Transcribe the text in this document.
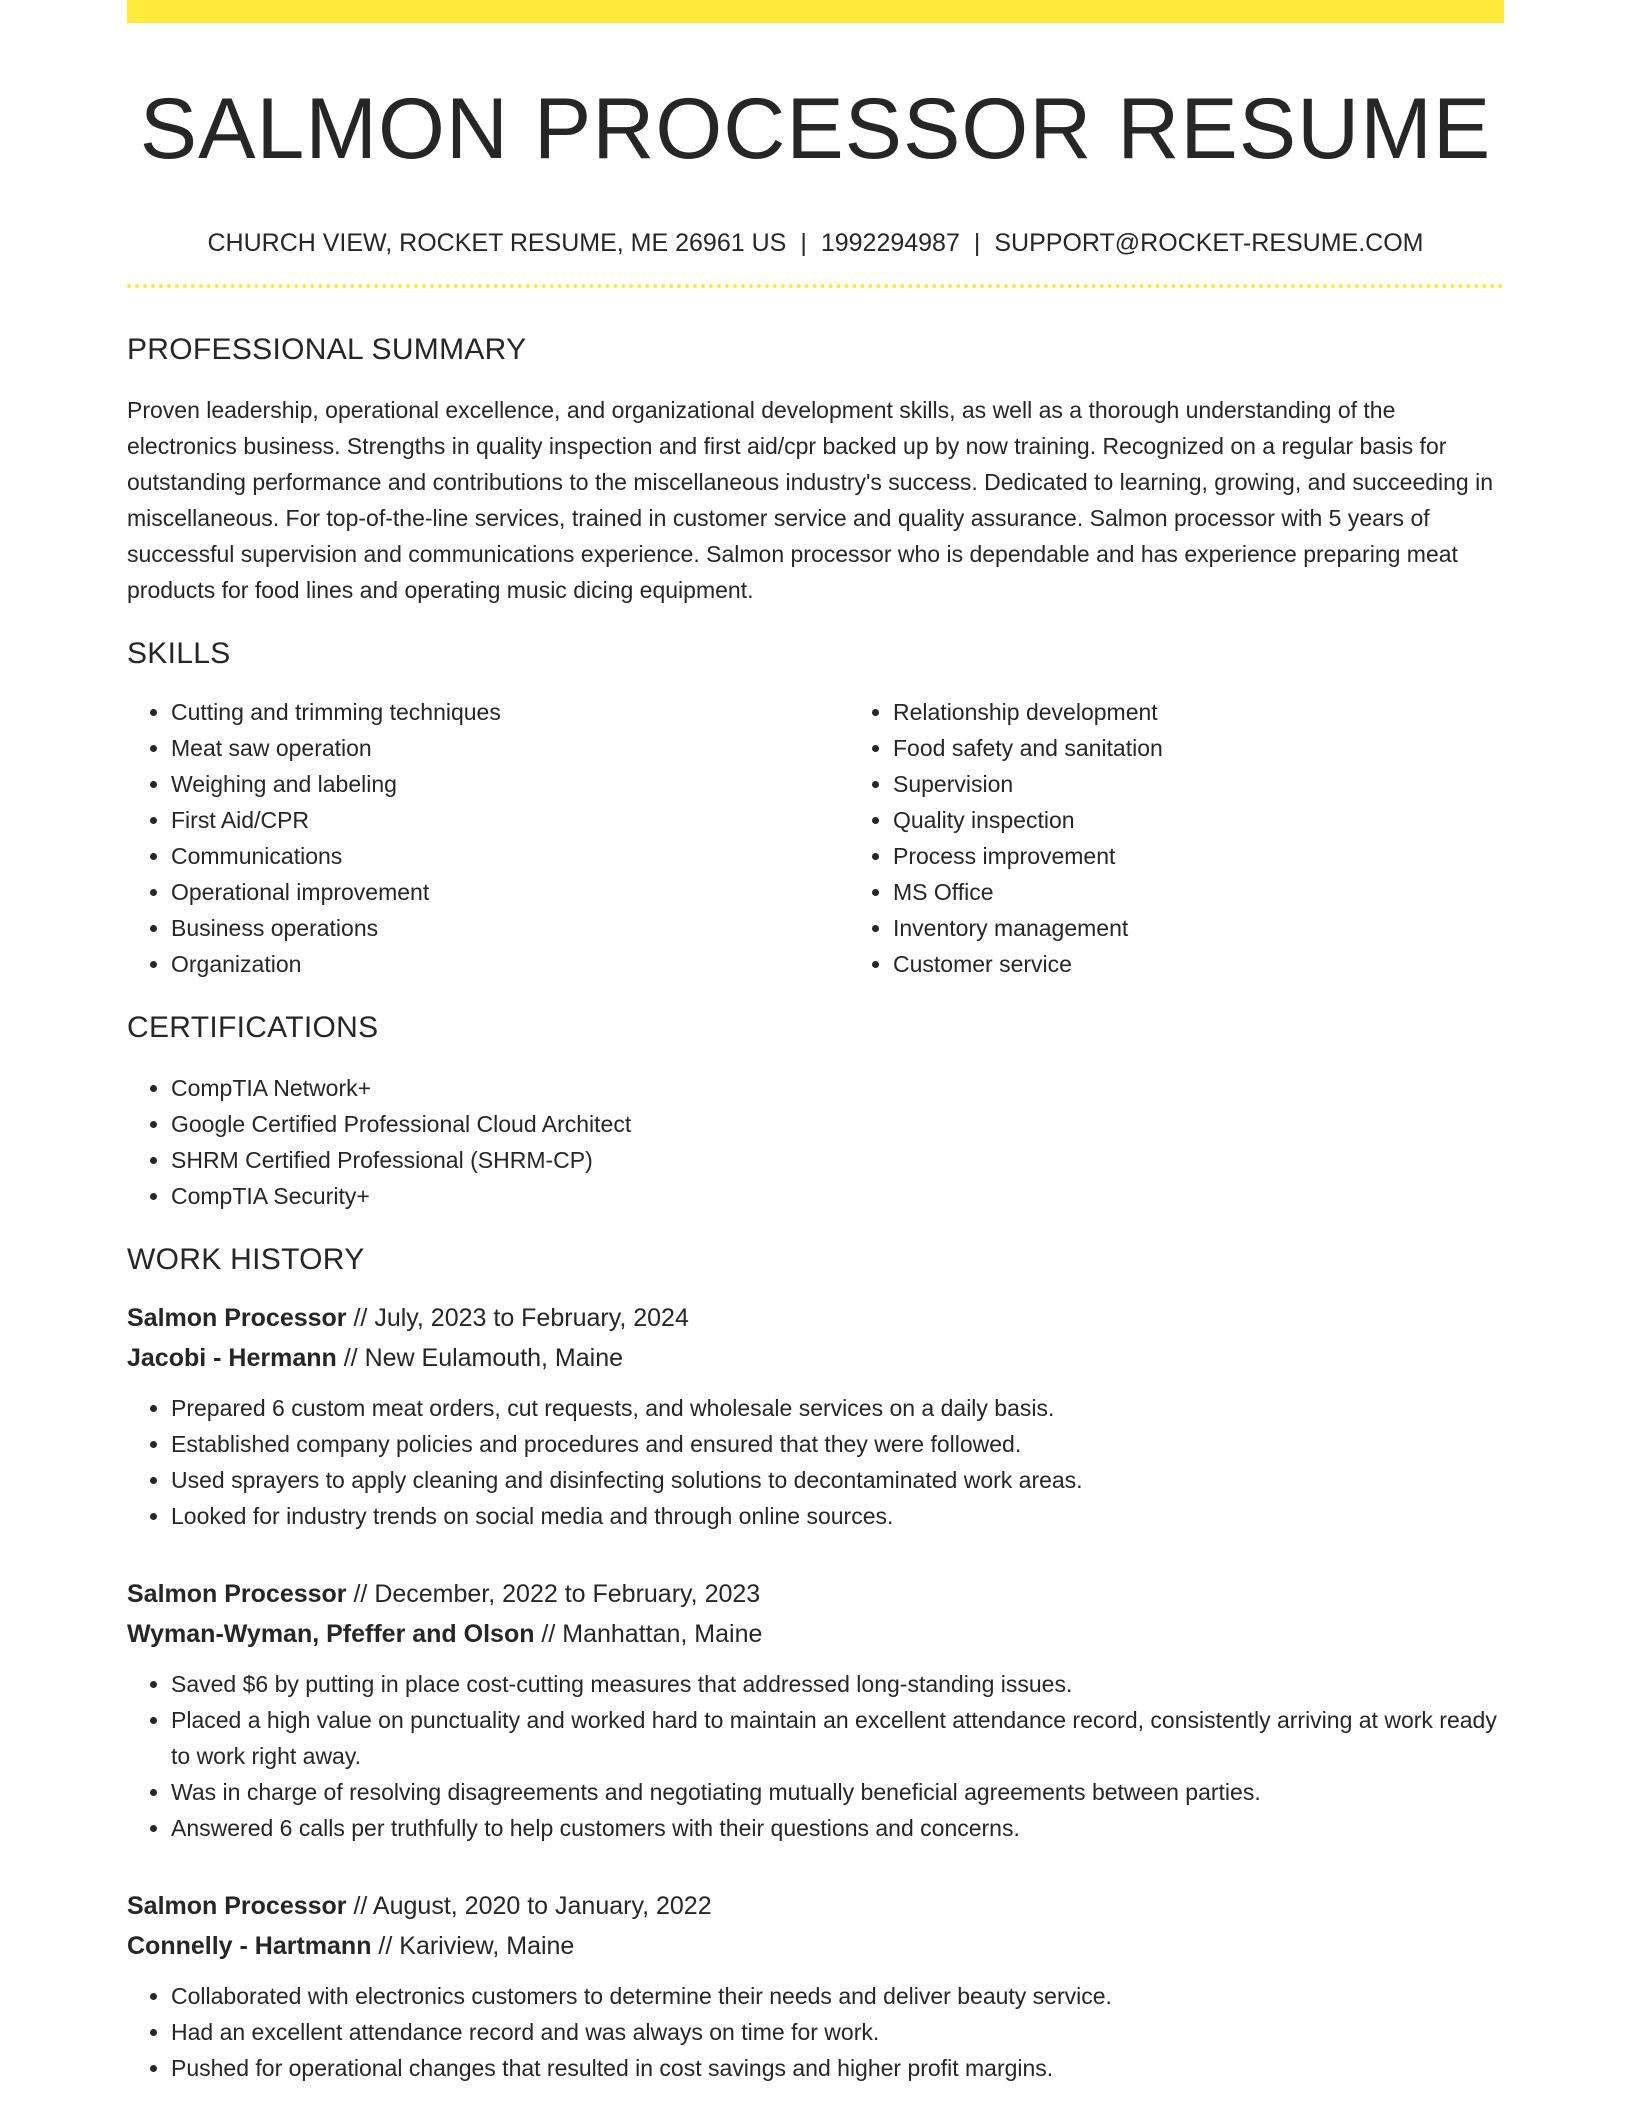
SALMON PROCESSOR RESUME
CHURCH VIEW, ROCKET RESUME, ME 26961 US | 1992294987 | SUPPORT@ROCKET-RESUME.COM
PROFESSIONAL SUMMARY

Proven leadership, operational excellence, and organizational development skills, as well as a thorough understanding of the electronics business. Strengths in quality inspection and first aid/cpr backed up by now training. Recognized on a regular basis for outstanding performance and contributions to the miscellaneous industry's success. Dedicated to learning, growing, and succeeding in miscellaneous. For top-of-the-line services, trained in customer service and quality assurance. Salmon processor with 5 years of successful supervision and communications experience. Salmon processor who is dependable and has experience preparing meat products for food lines and operating music dicing equipment.

SKILLS
• Cutting and trimming techniques
• Meat saw operation
• Weighing and labeling
• First Aid/CPR
• Communications
• Operational improvement
• Business operations
• Organization
• Relationship development
• Food safety and sanitation
• Supervision
• Quality inspection
• Process improvement
• MS Office
• Inventory management
• Customer service
CERTIFICATIONS
• CompTIA Network+
• Google Certified Professional Cloud Architect
• SHRM Certified Professional (SHRM-CP)
• CompTIA Security+
WORK HISTORY
Salmon Processor // July, 2023 to February, 2024
Jacobi - Hermann // New Eulamouth, Maine
• Prepared 6 custom meat orders, cut requests, and wholesale services on a daily basis.
• Established company policies and procedures and ensured that they were followed.
• Used sprayers to apply cleaning and disinfecting solutions to decontaminated work areas.
• Looked for industry trends on social media and through online sources.
Salmon Processor // December, 2022 to February, 2023
Wyman-Wyman, Pfeffer and Olson // Manhattan, Maine
• Saved $6 by putting in place cost-cutting measures that addressed long-standing issues.
• Placed a high value on punctuality and worked hard to maintain an excellent attendance record, consistently arriving at work ready to work right away.
• Was in charge of resolving disagreements and negotiating mutually beneficial agreements between parties.
• Answered 6 calls per truthfully to help customers with their questions and concerns.
Salmon Processor // August, 2020 to January, 2022
Connelly - Hartmann // Kariview, Maine
• Collaborated with electronics customers to determine their needs and deliver beauty service.
• Had an excellent attendance record and was always on time for work.
• Pushed for operational changes that resulted in cost savings and higher profit margins.
